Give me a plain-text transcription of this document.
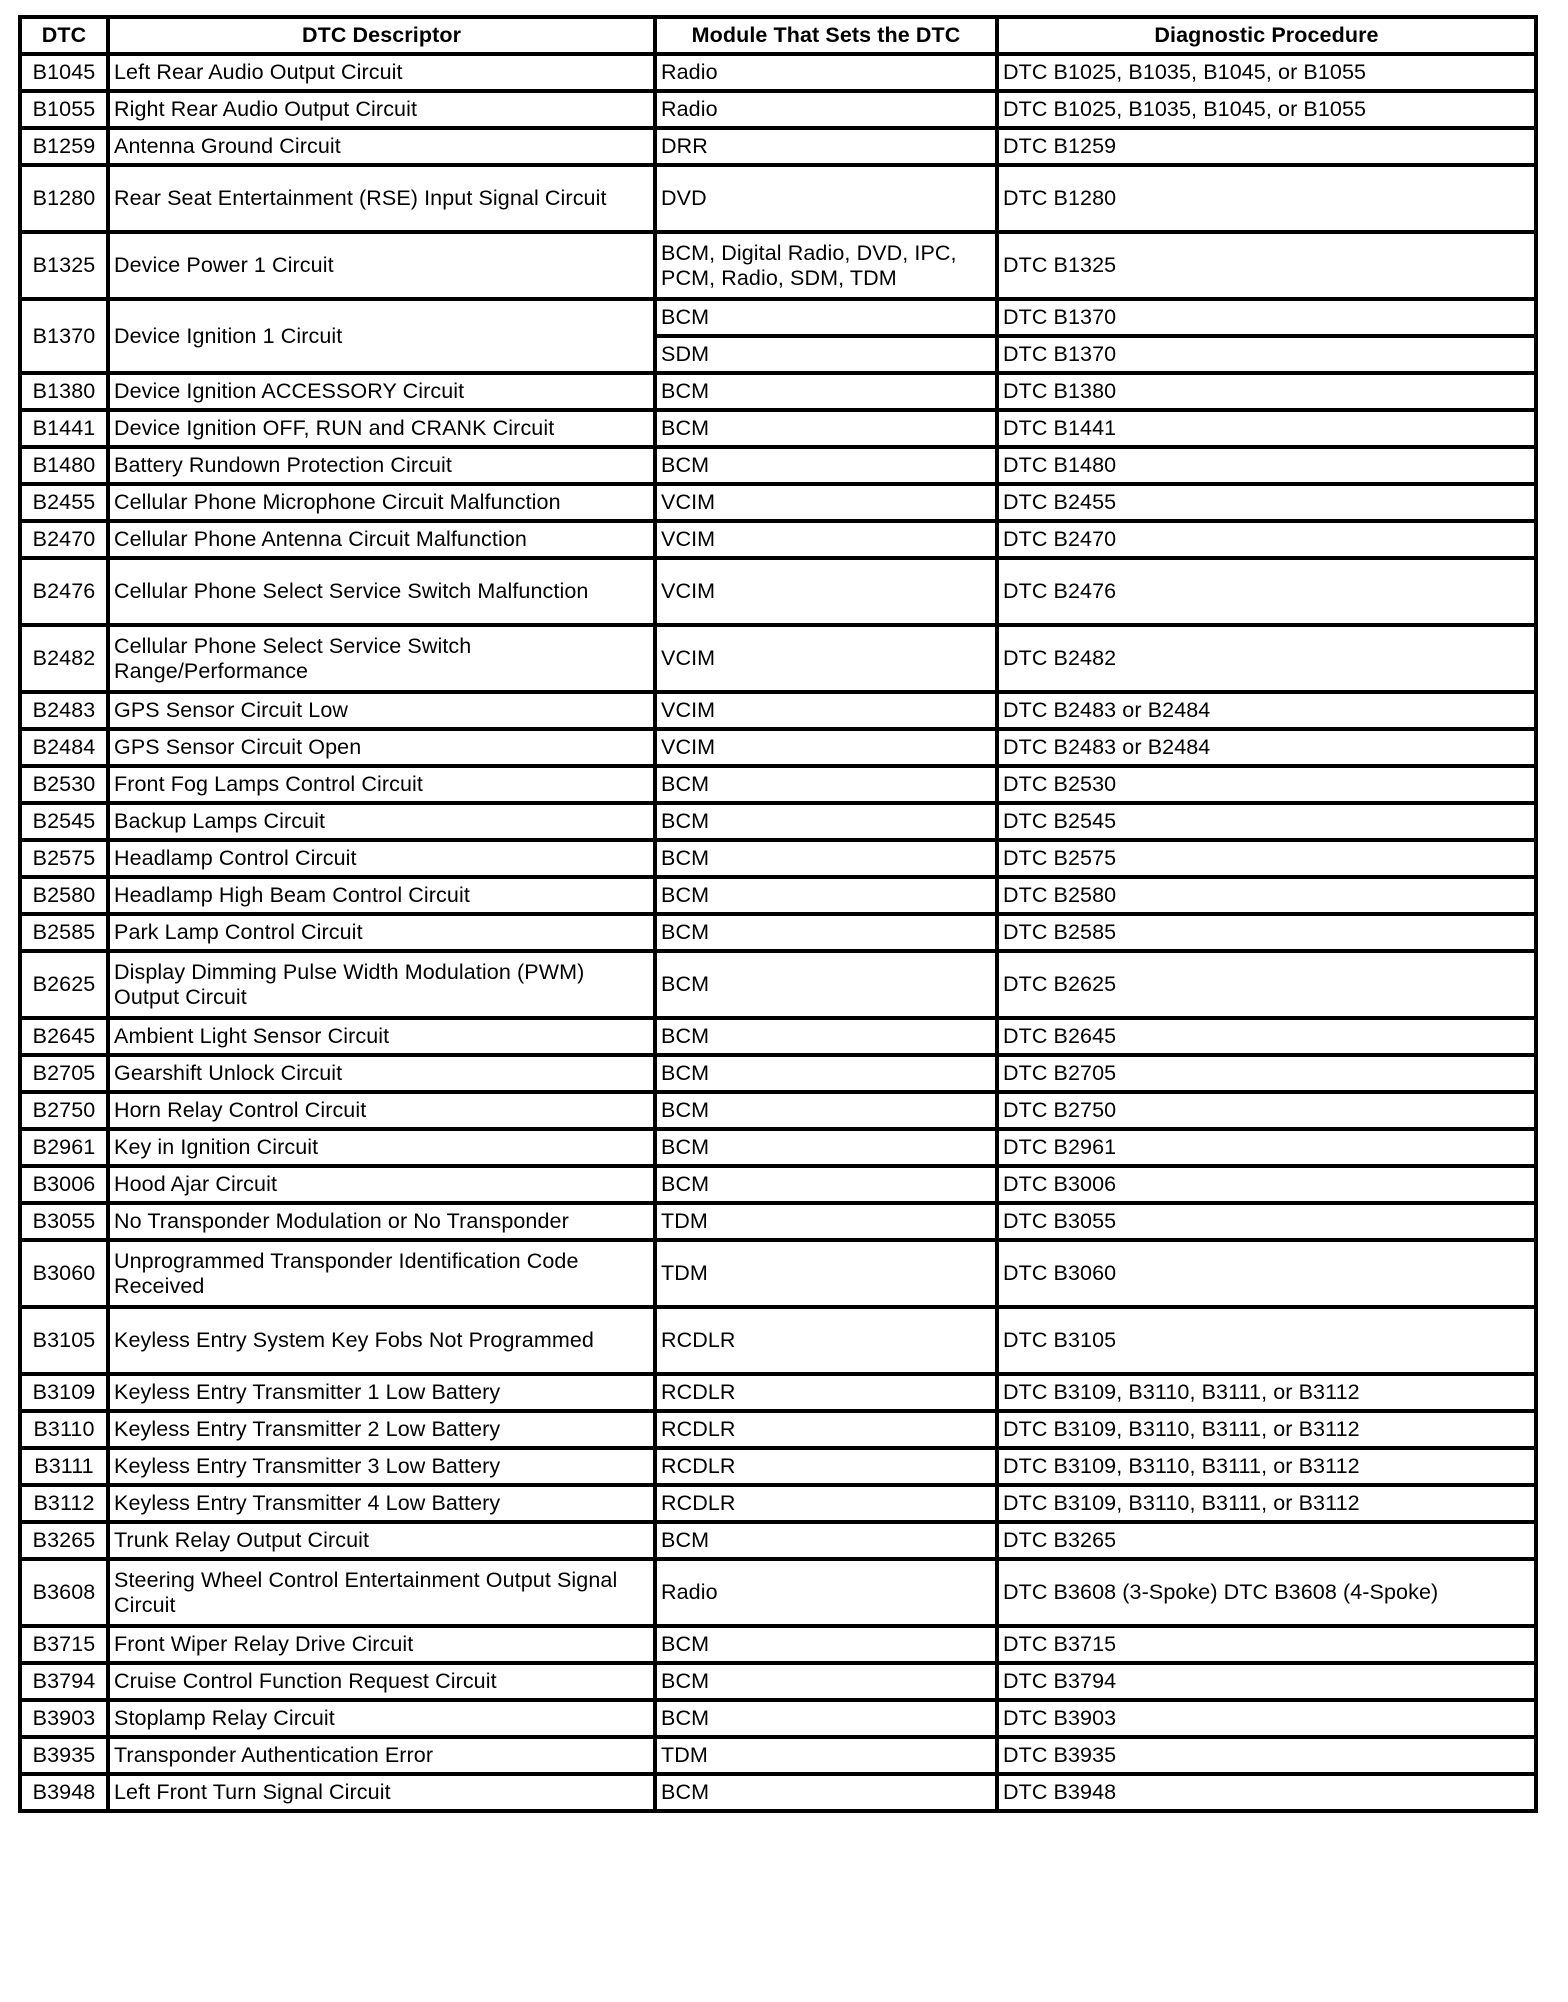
DTC	DTC Descriptor	Module That Sets the DTC	Diagnostic Procedure
B1045	Left Rear Audio Output Circuit	Radio	DTC B1025, B1035, B1045, or B1055
B1055	Right Rear Audio Output Circuit	Radio	DTC B1025, B1035, B1045, or B1055
B1259	Antenna Ground Circuit	DRR	DTC B1259
B1280	Rear Seat Entertainment (RSE) Input Signal Circuit	DVD	DTC B1280
B1325	Device Power 1 Circuit	BCM, Digital Radio, DVD, IPC, PCM, Radio, SDM, TDM	DTC B1325
B1370	Device Ignition 1 Circuit	BCM	DTC B1370
		SDM	DTC B1370
B1380	Device Ignition ACCESSORY Circuit	BCM	DTC B1380
B1441	Device Ignition OFF, RUN and CRANK Circuit	BCM	DTC B1441
B1480	Battery Rundown Protection Circuit	BCM	DTC B1480
B2455	Cellular Phone Microphone Circuit Malfunction	VCIM	DTC B2455
B2470	Cellular Phone Antenna Circuit Malfunction	VCIM	DTC B2470
B2476	Cellular Phone Select Service Switch Malfunction	VCIM	DTC B2476
B2482	Cellular Phone Select Service Switch Range/Performance	VCIM	DTC B2482
B2483	GPS Sensor Circuit Low	VCIM	DTC B2483 or B2484
B2484	GPS Sensor Circuit Open	VCIM	DTC B2483 or B2484
B2530	Front Fog Lamps Control Circuit	BCM	DTC B2530
B2545	Backup Lamps Circuit	BCM	DTC B2545
B2575	Headlamp Control Circuit	BCM	DTC B2575
B2580	Headlamp High Beam Control Circuit	BCM	DTC B2580
B2585	Park Lamp Control Circuit	BCM	DTC B2585
B2625	Display Dimming Pulse Width Modulation (PWM) Output Circuit	BCM	DTC B2625
B2645	Ambient Light Sensor Circuit	BCM	DTC B2645
B2705	Gearshift Unlock Circuit	BCM	DTC B2705
B2750	Horn Relay Control Circuit	BCM	DTC B2750
B2961	Key in Ignition Circuit	BCM	DTC B2961
B3006	Hood Ajar Circuit	BCM	DTC B3006
B3055	No Transponder Modulation or No Transponder	TDM	DTC B3055
B3060	Unprogrammed Transponder Identification Code Received	TDM	DTC B3060
B3105	Keyless Entry System Key Fobs Not Programmed	RCDLR	DTC B3105
B3109	Keyless Entry Transmitter 1 Low Battery	RCDLR	DTC B3109, B3110, B3111, or B3112
B3110	Keyless Entry Transmitter 2 Low Battery	RCDLR	DTC B3109, B3110, B3111, or B3112
B3111	Keyless Entry Transmitter 3 Low Battery	RCDLR	DTC B3109, B3110, B3111, or B3112
B3112	Keyless Entry Transmitter 4 Low Battery	RCDLR	DTC B3109, B3110, B3111, or B3112
B3265	Trunk Relay Output Circuit	BCM	DTC B3265
B3608	Steering Wheel Control Entertainment Output Signal Circuit	Radio	DTC B3608 (3-Spoke) DTC B3608 (4-Spoke)
B3715	Front Wiper Relay Drive Circuit	BCM	DTC B3715
B3794	Cruise Control Function Request Circuit	BCM	DTC B3794
B3903	Stoplamp Relay Circuit	BCM	DTC B3903
B3935	Transponder Authentication Error	TDM	DTC B3935
B3948	Left Front Turn Signal Circuit	BCM	DTC B3948
